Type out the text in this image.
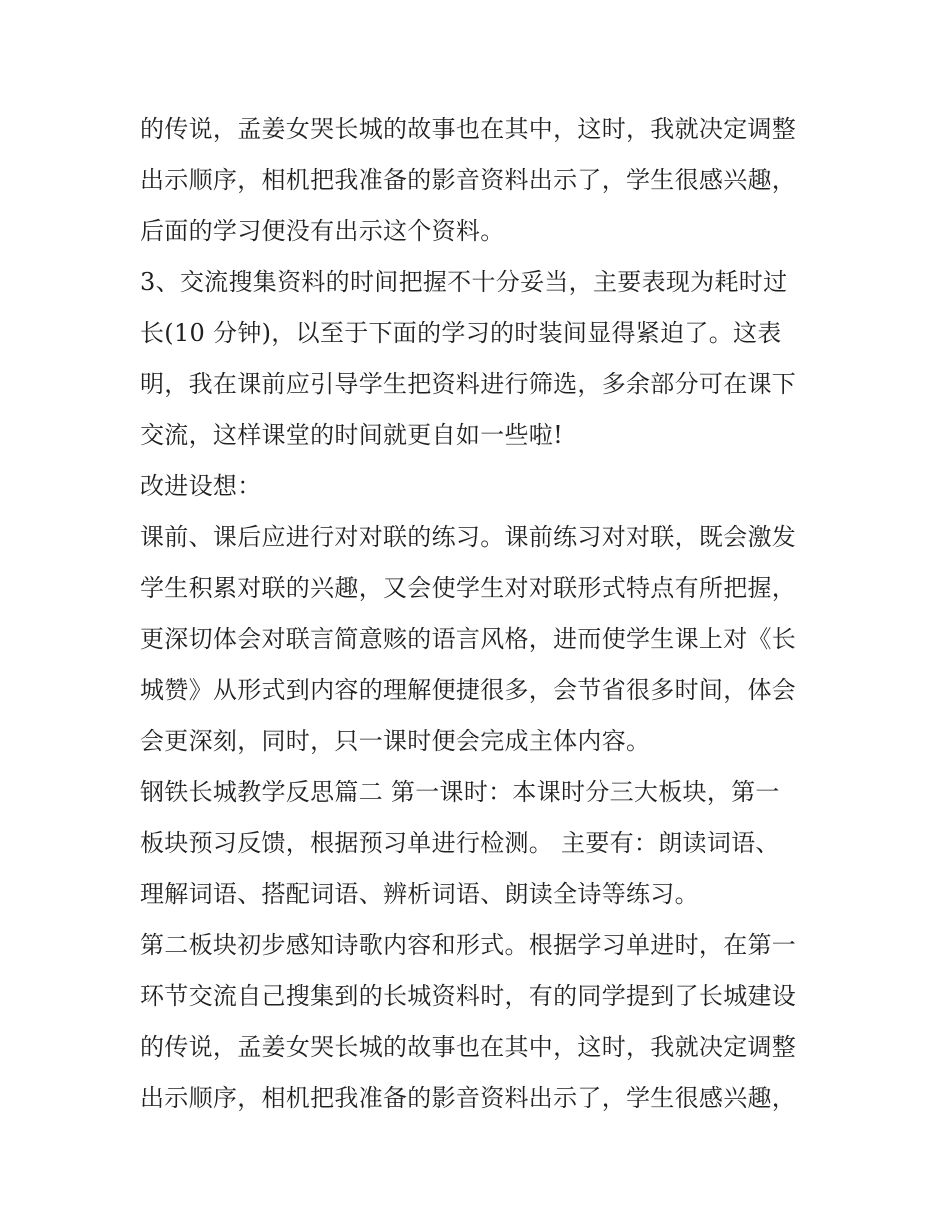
的传说，孟姜女哭长城的故事也在其中，这时，我就决定调整
出示顺序，相机把我准备的影音资料出示了，学生很感兴趣，
后面的学习便没有出示这个资料。
3、交流搜集资料的时间把握不十分妥当，主要表现为耗时过
长(10 分钟)，以至于下面的学习的时装间显得紧迫了。这表
明，我在课前应引导学生把资料进行筛选，多余部分可在课下
交流，这样课堂的时间就更自如一些啦!
改进设想：
课前、课后应进行对对联的练习。课前练习对对联，既会激发
学生积累对联的兴趣，又会使学生对对联形式特点有所把握，
更深切体会对联言简意赅的语言风格，进而使学生课上对《长
城赞》从形式到内容的理解便捷很多，会节省很多时间，体会
会更深刻，同时，只一课时便会完成主体内容。
钢铁长城教学反思篇二 第一课时：本课时分三大板块，第一
板块预习反馈，根据预习单进行检测。 主要有：朗读词语、
理解词语、搭配词语、辨析词语、朗读全诗等练习。
第二板块初步感知诗歌内容和形式。根据学习单进时，在第一
环节交流自己搜集到的长城资料时，有的同学提到了长城建设
的传说，孟姜女哭长城的故事也在其中，这时，我就决定调整
出示顺序，相机把我准备的影音资料出示了，学生很感兴趣，
